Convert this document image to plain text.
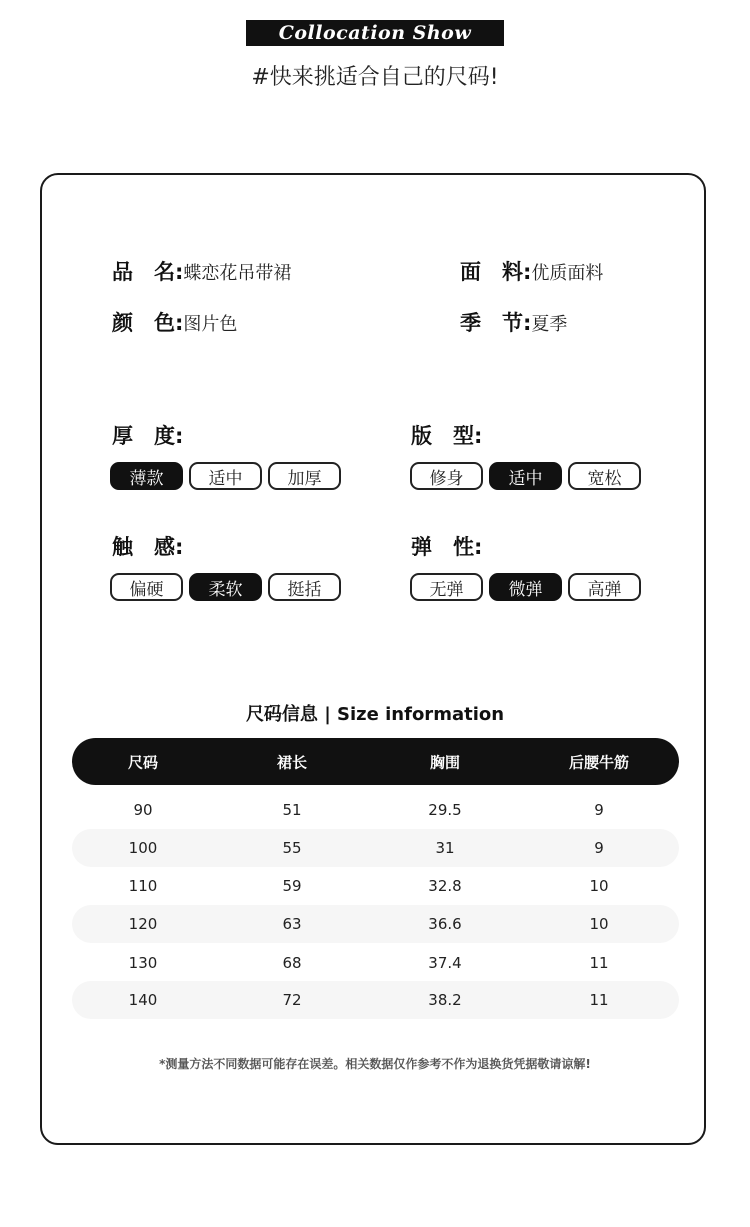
Collocation Show
#快来挑适合自己的尺码!
品　名: 蝶恋花吊带裙	面　料: 优质面料
颜　色: 图片色	季　节: 夏季
厚　度:
薄款	适中	加厚
版　型:
修身	适中	宽松
触　感:
偏硬	柔软	挺括
弹　性:
无弹	微弹	高弹
尺码信息 | Size information
尺码	裙长	胸围	后腰牛筋
90	51	29.5	9
100	55	31	9
110	59	32.8	10
120	63	36.6	10
130	68	37.4	11
140	72	38.2	11
*测量方法不同数据可能存在误差。相关数据仅作参考不作为退换货凭据敬请谅解!
